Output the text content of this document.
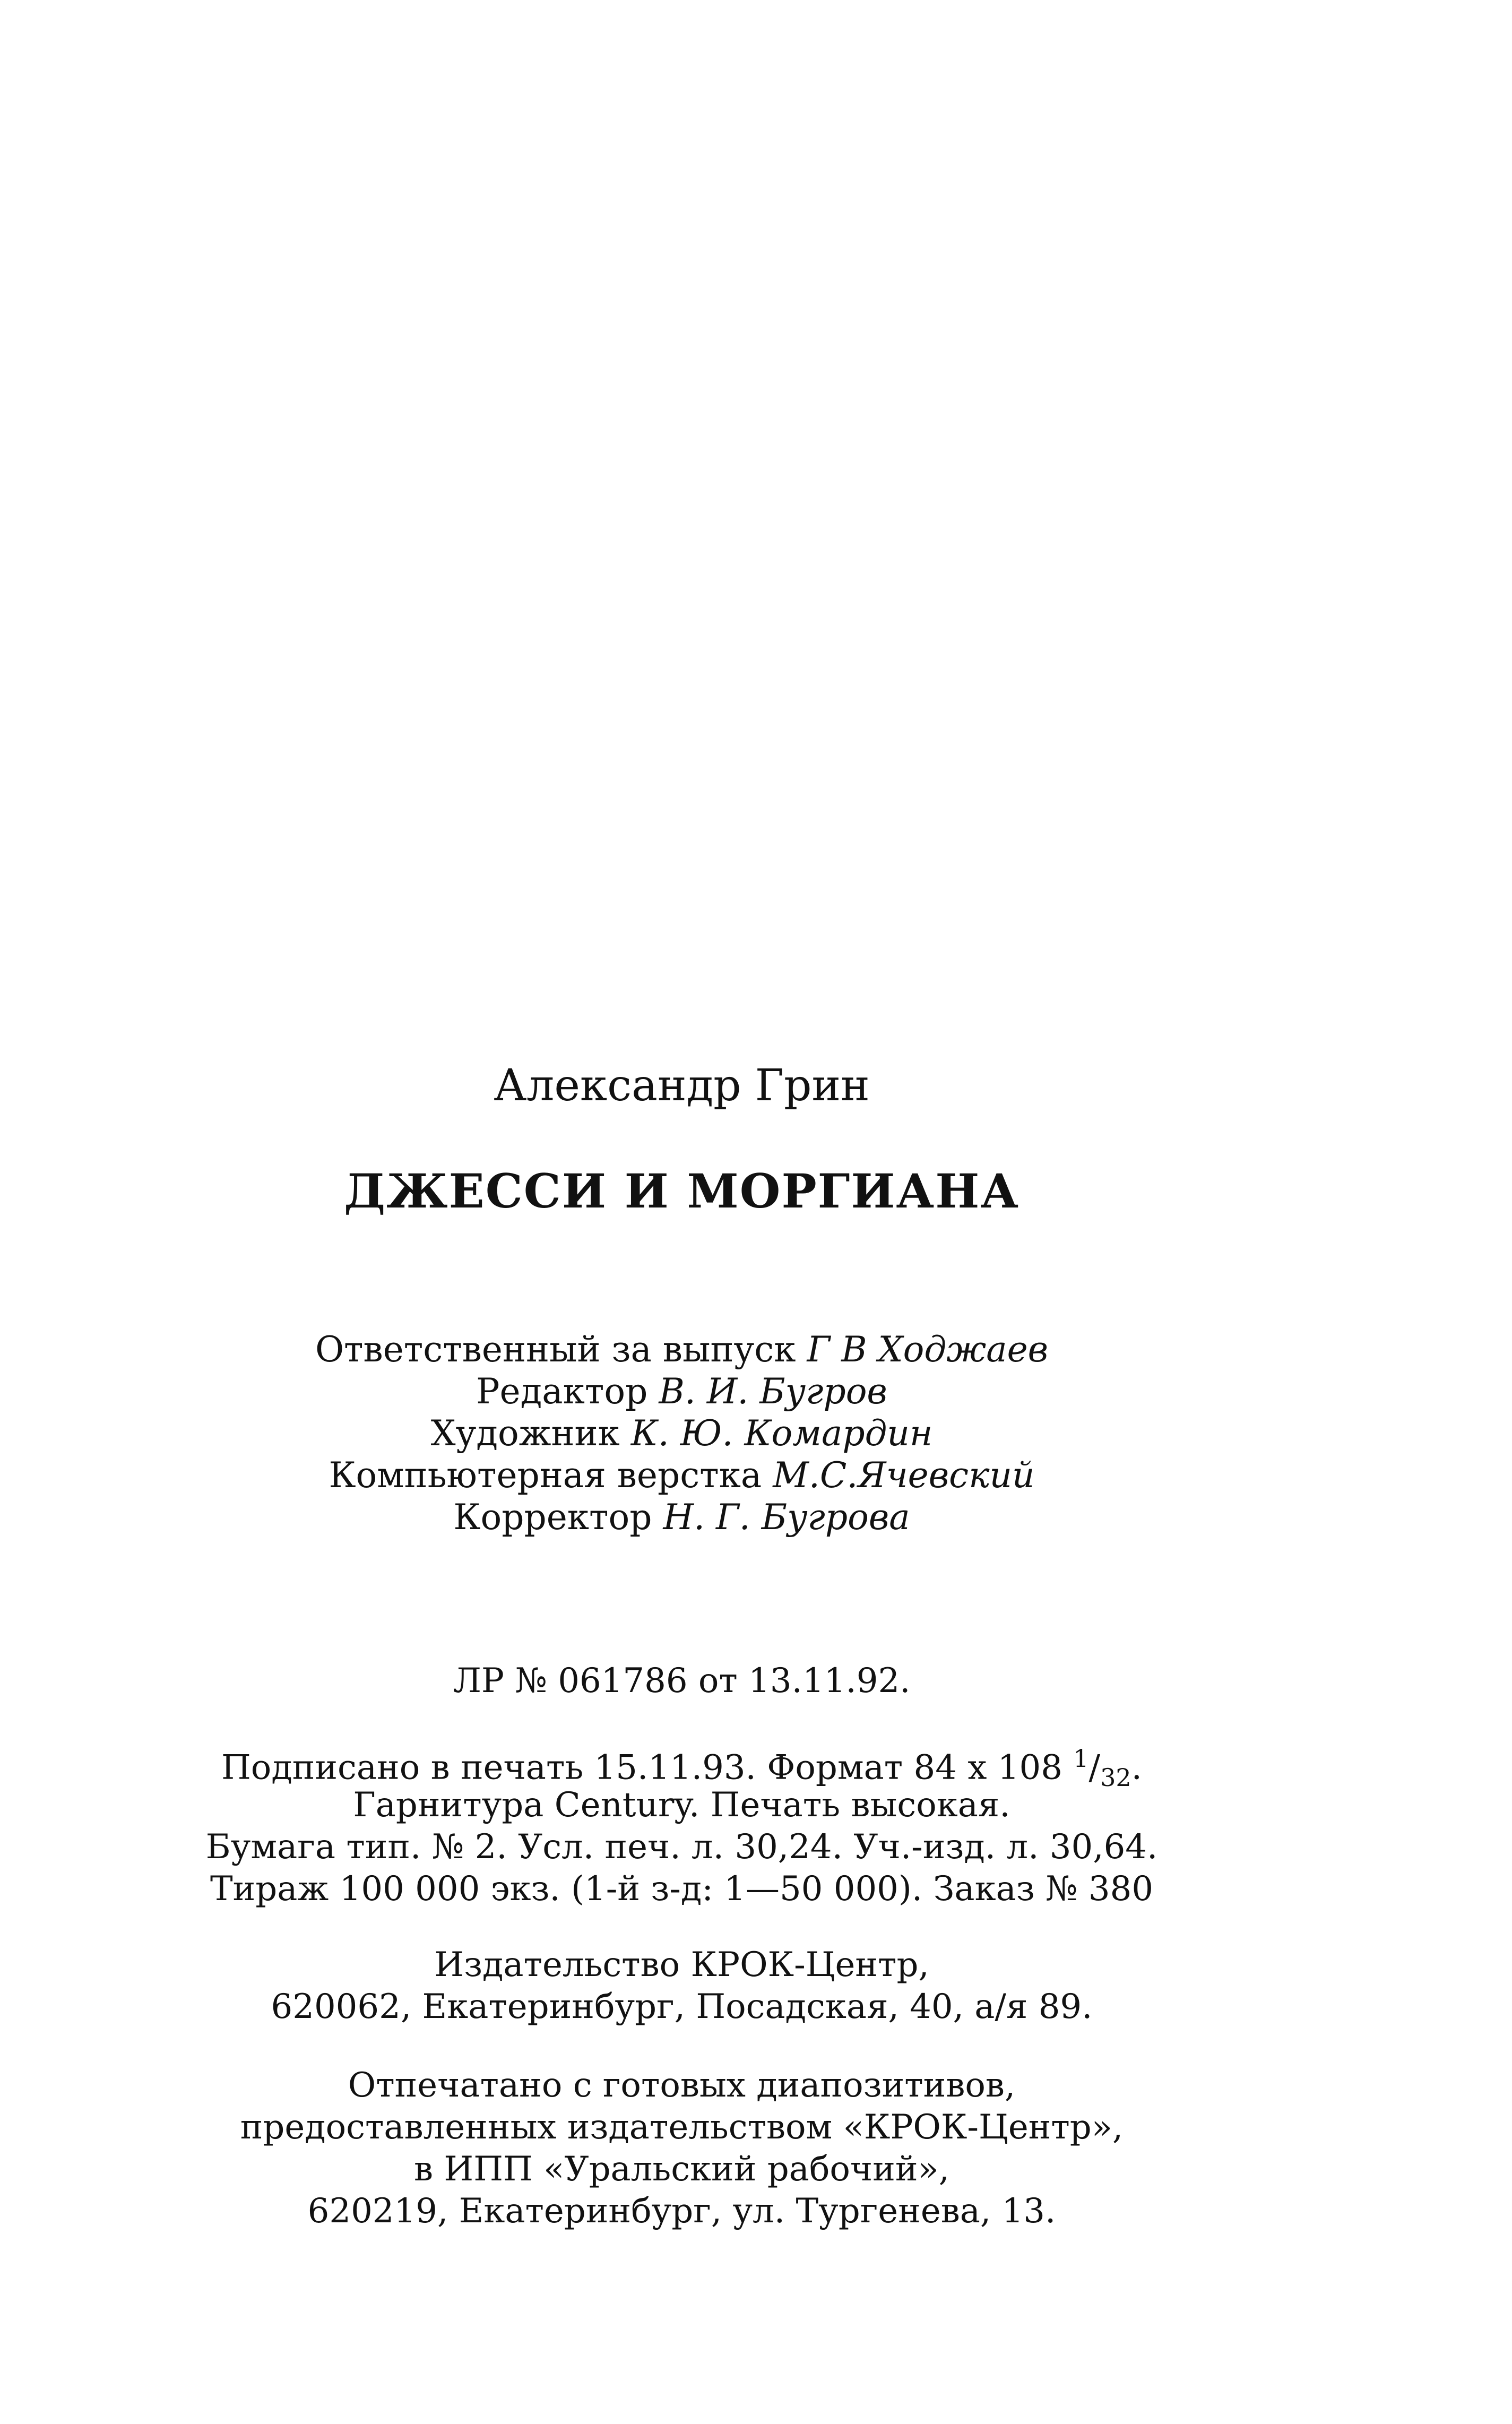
Александр Грин
ДЖЕССИ И МОРГИАНА
Ответственный за выпуск Г В Ходжаев
Редактор В. И. Бугров
Художник К. Ю. Комардин
Компьютерная верстка М.С.Ячевский
Корректор Н. Г. Бугрова
ЛР № 061786 от 13.11.92.
Подписано в печать 15.11.93. Формат 84 x 108 $^1/_{32}$.
Гарнитура Century. Печать высокая.
Бумага тип. № 2. Усл. печ. л. 30,24. Уч.-изд. л. 30,64.
Тираж 100 000 экз. (1-й з-д: 1—50 000). Заказ № 380
Издательство КРОК-Центр,
620062, Екатеринбург, Посадская, 40, а/я 89.
Отпечатано с готовых диапозитивов,
предоставленных издательством «КРОК-Центр»,
в ИПП «Уральский рабочий»,
620219, Екатеринбург, ул. Тургенева, 13.
